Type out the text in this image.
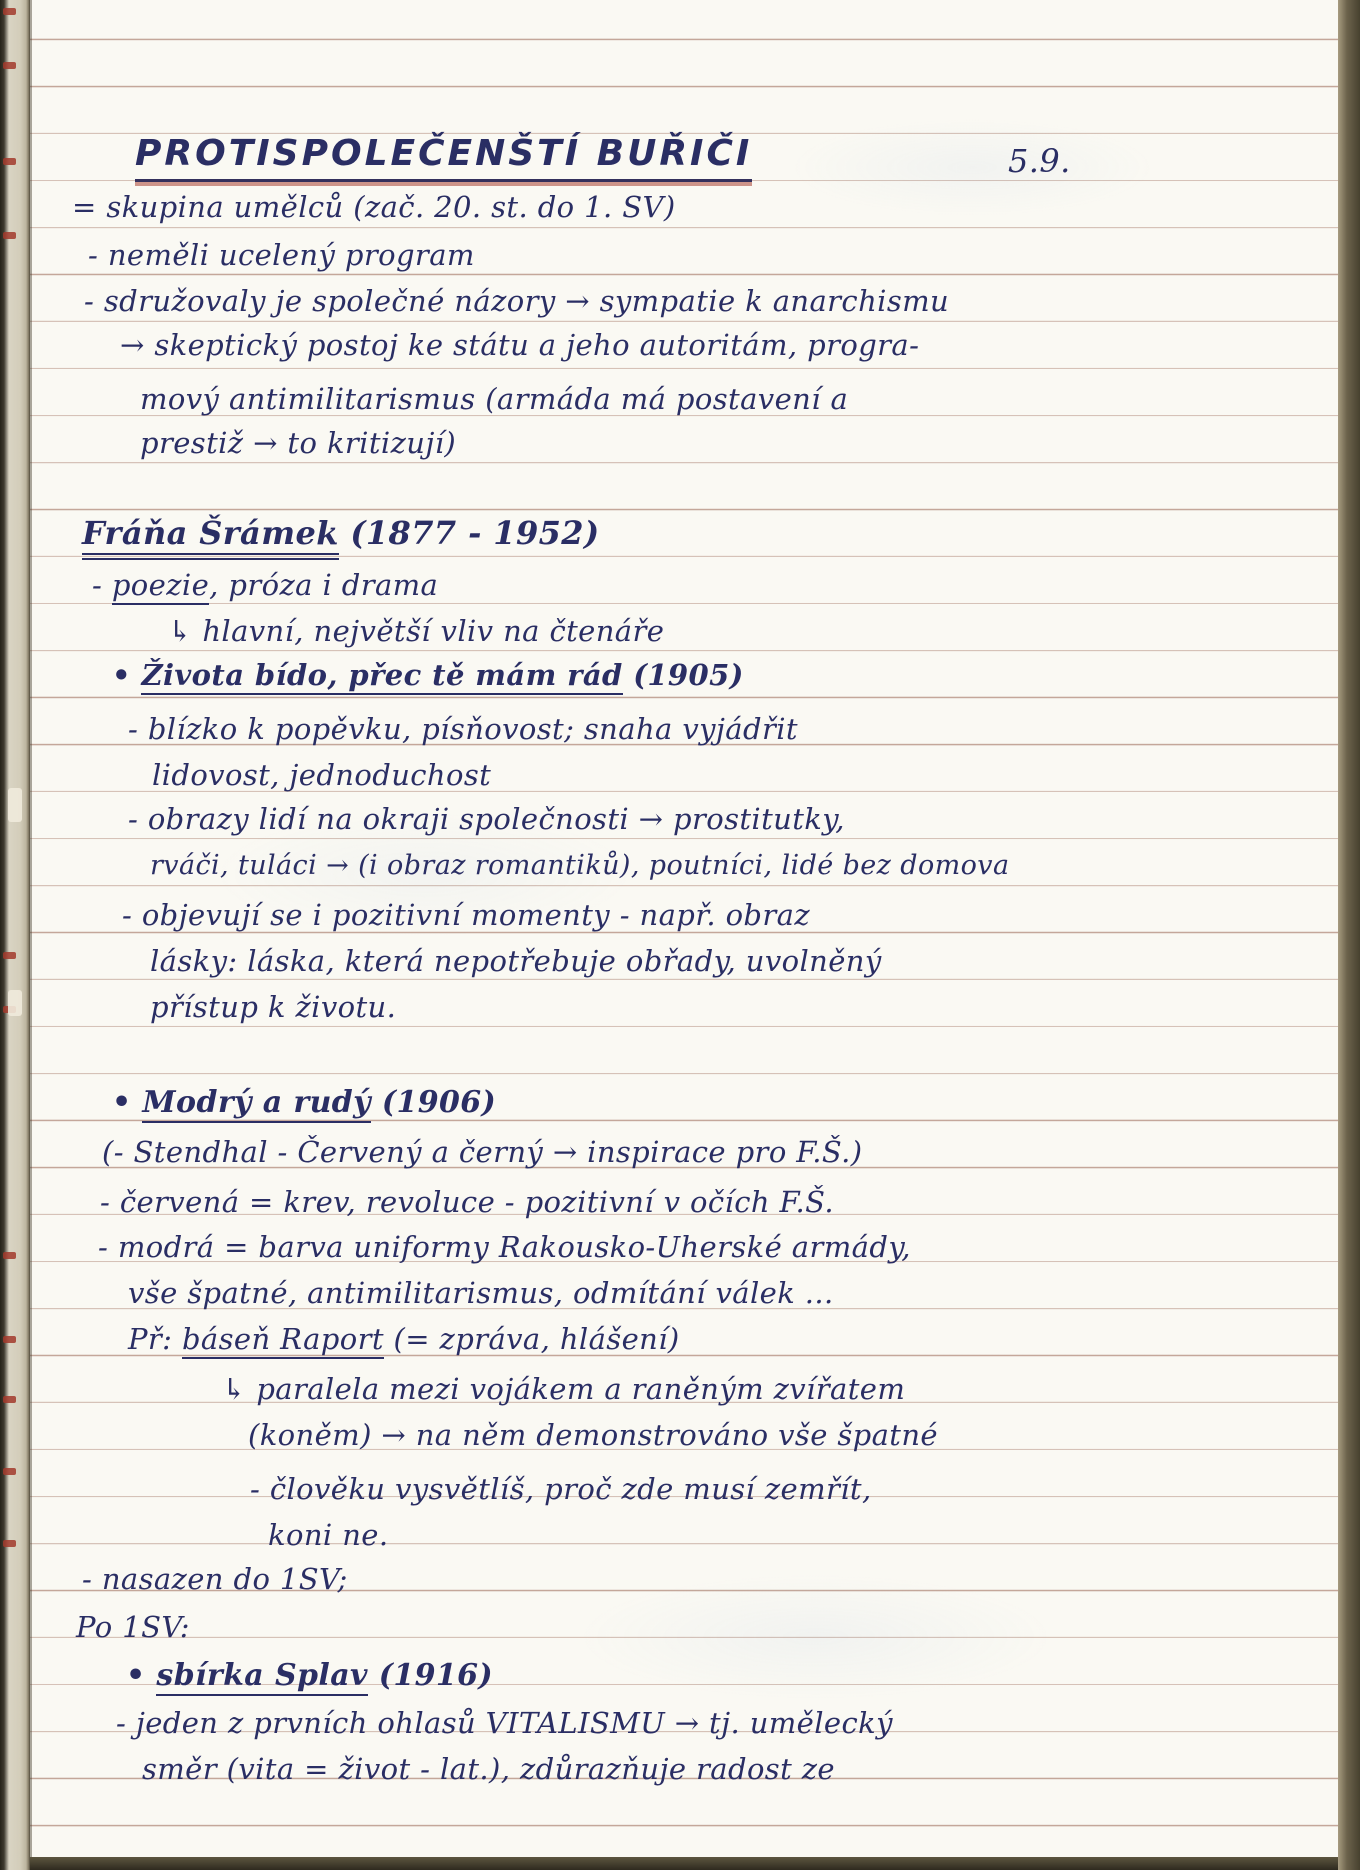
PROTISPOLEČENŠTÍ BUŘIČI	5.9.
= skupina umělců (zač. 20. st. do 1. SV)
- neměli ucelený program
- sdružovaly je společné názory → sympatie k anarchismu
→ skeptický postoj ke státu a jeho autoritám, progra-
mový antimilitarismus (armáda má postavení a
prestiž → to kritizují)
Fráňa Šrámek (1877 - 1952)
- poezie, próza i drama
↳ hlavní, největší vliv na čtenáře
• Života bído, přec tě mám rád (1905)
- blízko k popěvku, písňovost; snaha vyjádřit
lidovost, jednoduchost
- obrazy lidí na okraji společnosti → prostitutky,
rváči, tuláci → (i obraz romantiků), poutníci, lidé bez domova
- objevují se i pozitivní momenty - např. obraz
lásky: láska, která nepotřebuje obřady, uvolněný
přístup k životu.
• Modrý a rudý (1906)
(- Stendhal - Červený a černý → inspirace pro F.Š.)
- červená = krev, revoluce - pozitivní v očích F.Š.
- modrá = barva uniformy Rakousko-Uherské armády,
vše špatné, antimilitarismus, odmítání válek ...
Př: báseň Raport (= zpráva, hlášení)
↳ paralela mezi vojákem a raněným zvířatem
(koněm) → na něm demonstrováno vše špatné
- člověku vysvětlíš, proč zde musí zemřít,
koni ne.
- nasazen do 1SV;
Po 1SV:
• sbírka Splav (1916)
- jeden z prvních ohlasů VITALISMU → tj. umělecký
směr (vita = život - lat.), zdůrazňuje radost ze
